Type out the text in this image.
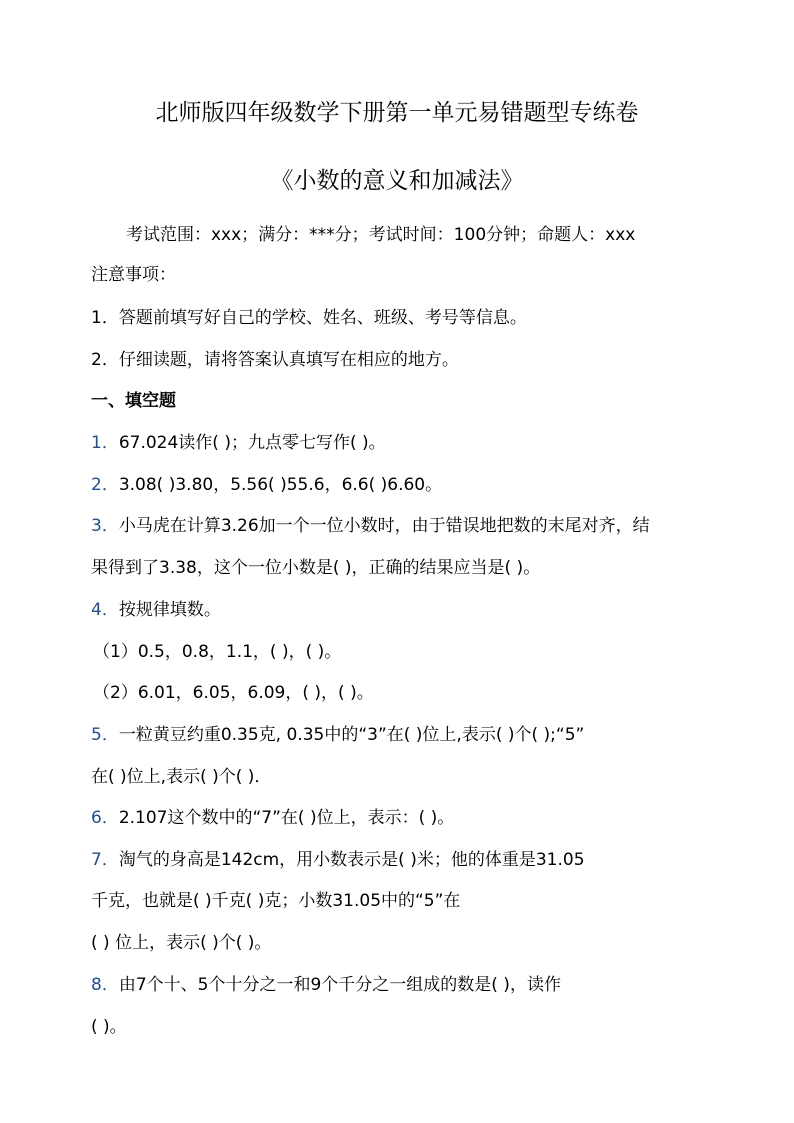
北师版四年级数学下册第一单元易错题型专练卷
《小数的意义和加减法》
考试范围：xxx；满分：***分；考试时间：100分钟；命题人：xxx
注意事项：
1．答题前填写好自己的学校、姓名、班级、考号等信息。
2．仔细读题，请将答案认真填写在相应的地方。
一、填空题
1．67.024读作( )；九点零七写作( )。
2．3.08( )3.80，5.56( )55.6，6.6( )6.60。
3．小马虎在计算3.26加一个一位小数时，由于错误地把数的末尾对齐，结
果得到了3.38，这个一位小数是( )，正确的结果应当是( )。
4．按规律填数。
（1）0.5，0.8，1.1，( )，( )。
（2）6.01，6.05，6.09，( )，( )。
5．一粒黄豆约重0.35克, 0.35中的“3”在( )位上,表示( )个( );“5”
在( )位上,表示( )个( )．
6．2.107这个数中的“7”在( )位上，表示：( )。
7．淘气的身高是142cm，用小数表示是( )米；他的体重是31.05
千克，也就是( )千克( )克；小数31.05中的“5”在
( ) 位上，表示( )个( )。
8．由7个十、5个十分之一和9个千分之一组成的数是( )，读作
( )。
